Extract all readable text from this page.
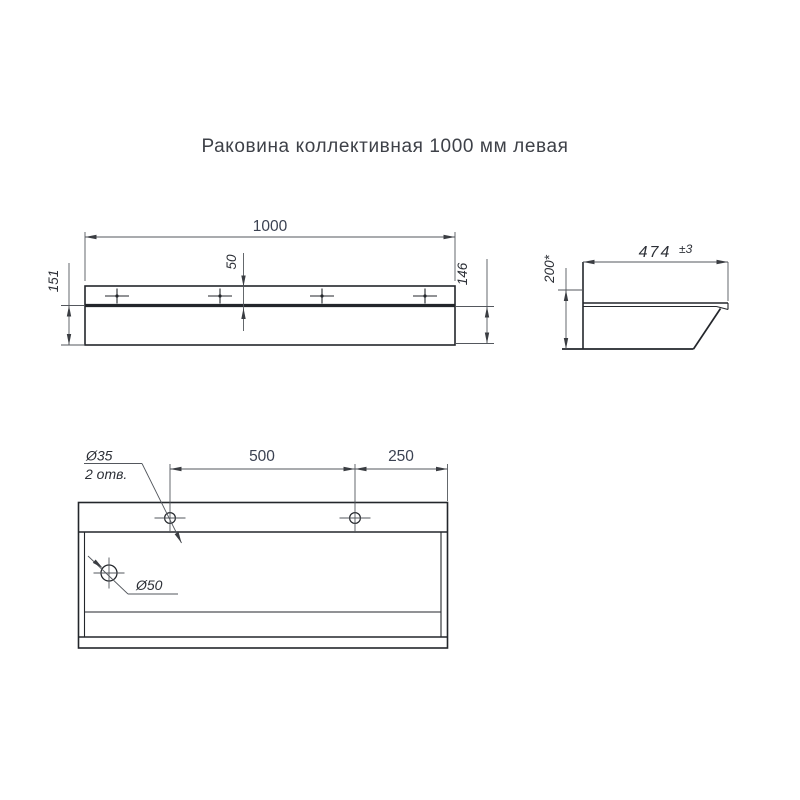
Раковина коллективная 1000 мм левая
1000
50
151	146
474 ±3
200*
500	250
Ø35
2 отв.
Ø50
